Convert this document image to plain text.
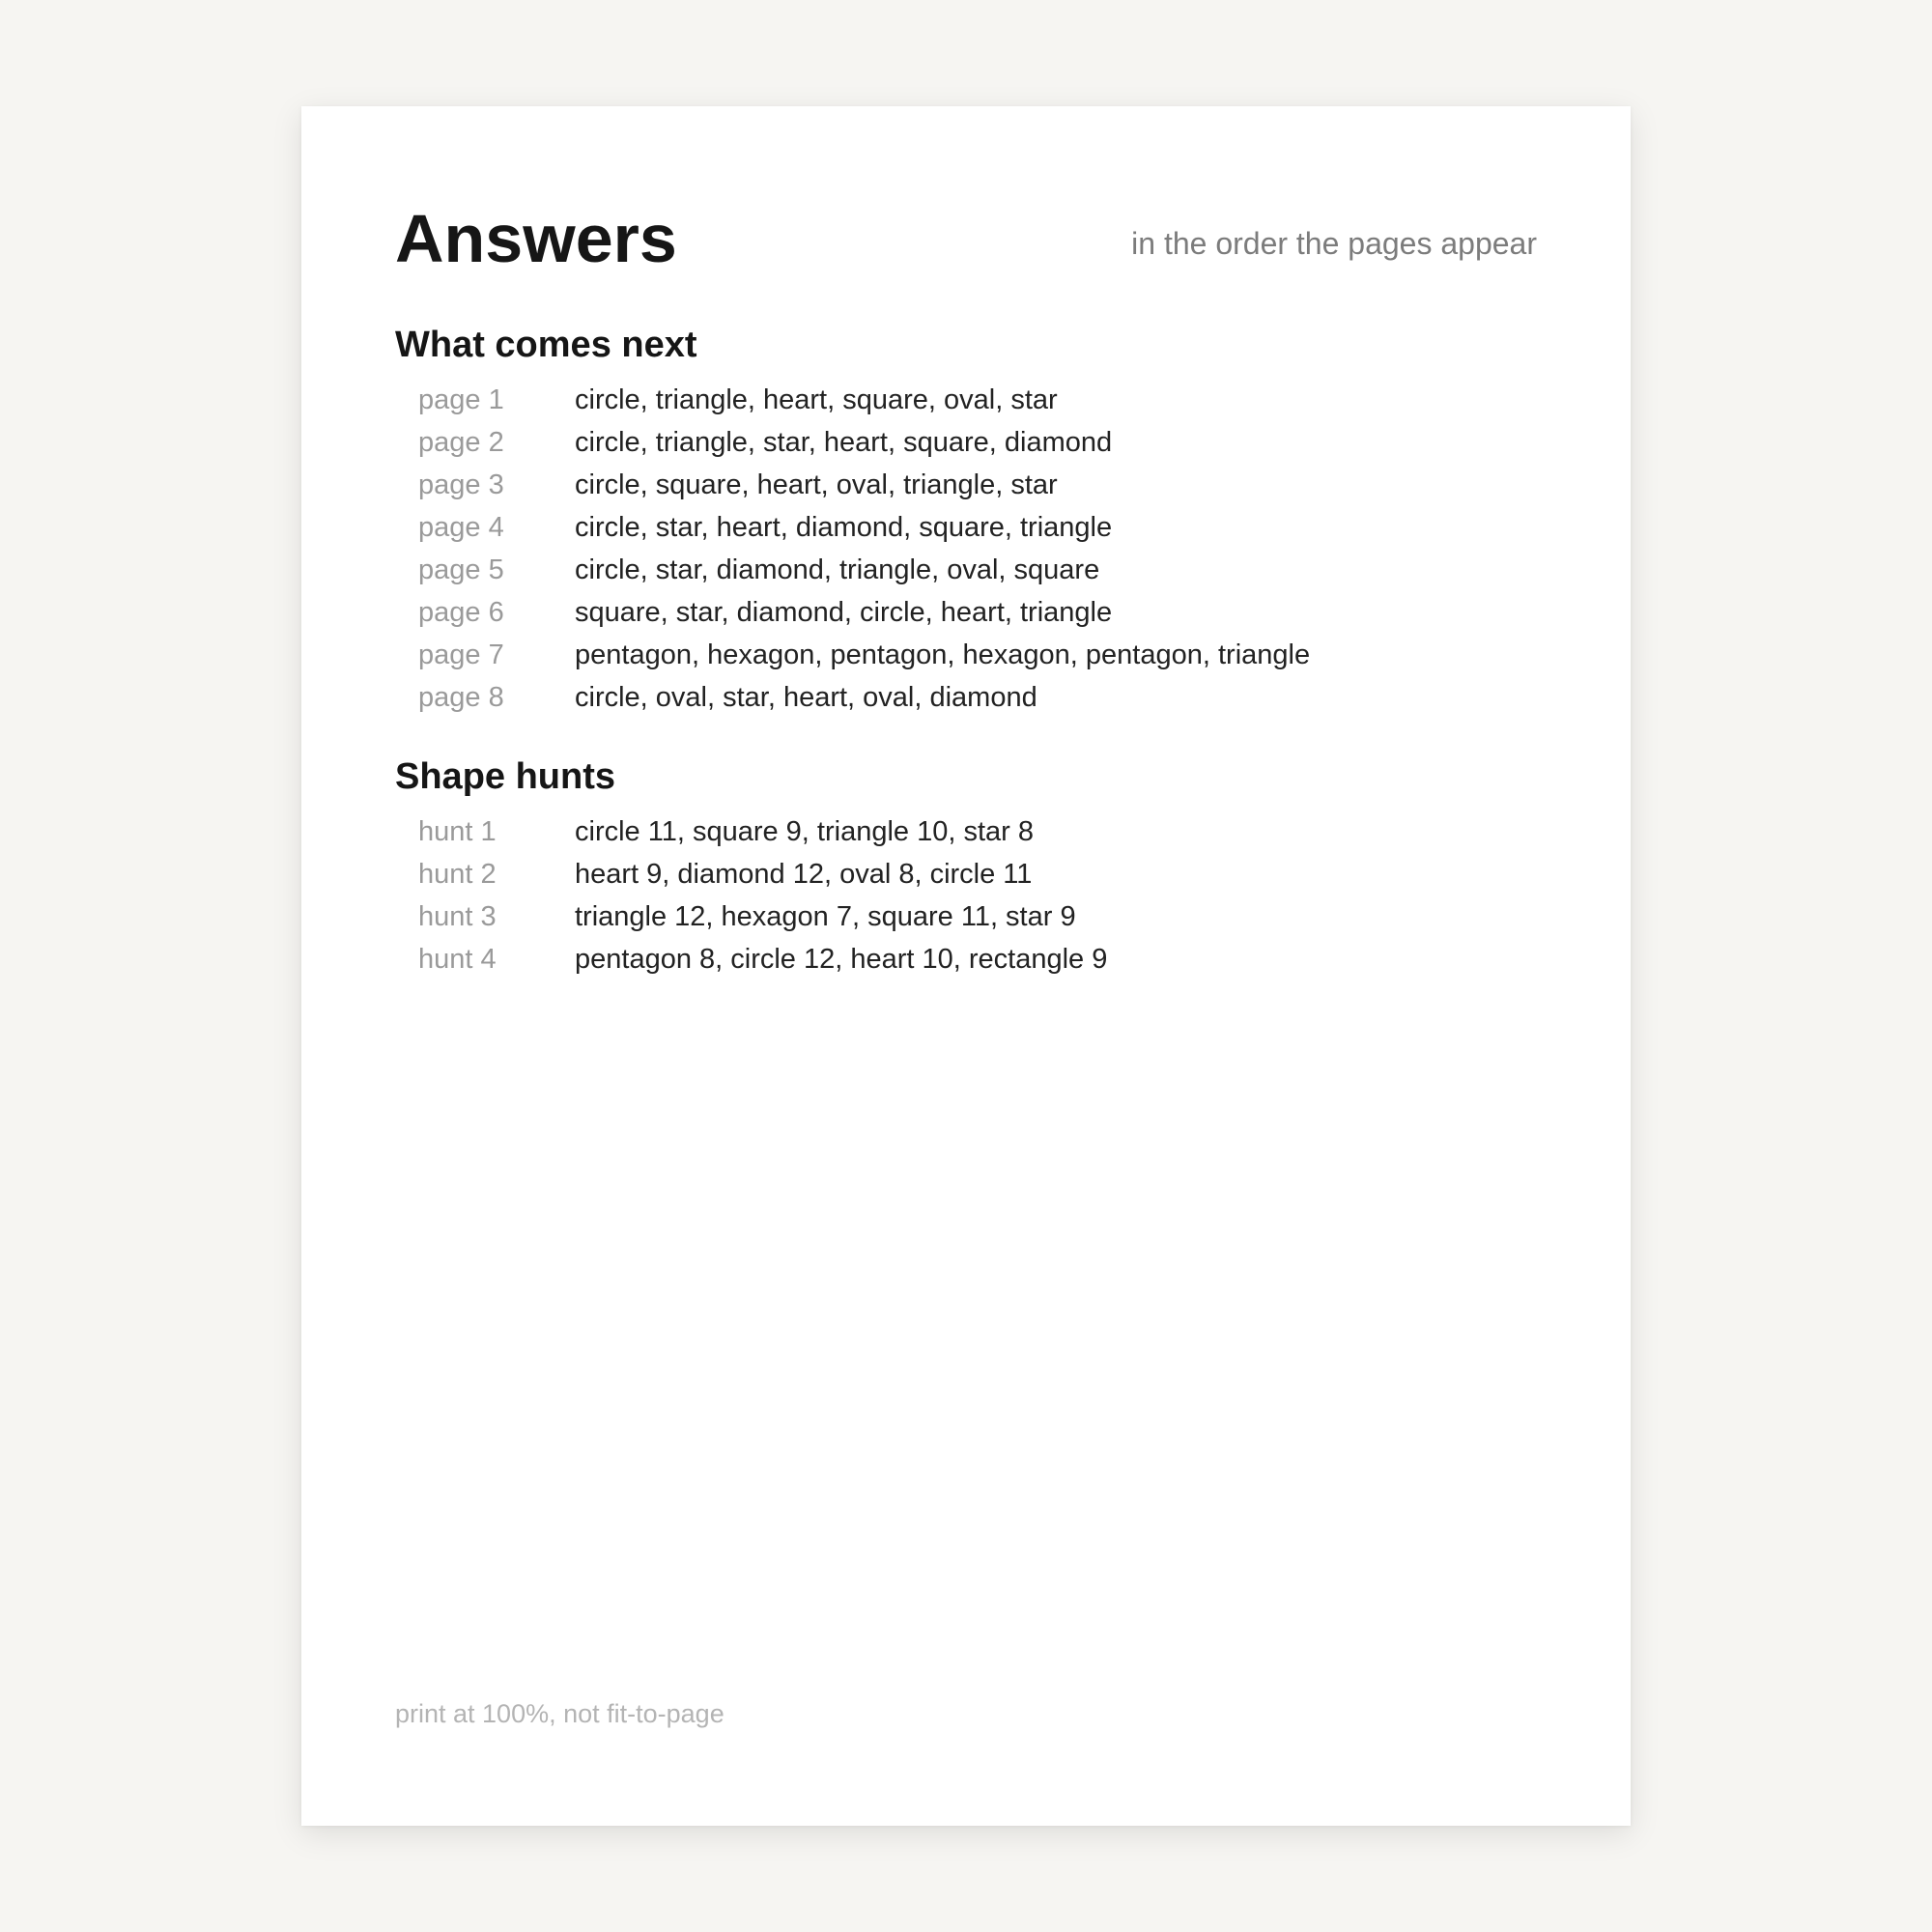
Answers	in the order the pages appear
What comes next
page 1	circle, triangle, heart, square, oval, star
page 2	circle, triangle, star, heart, square, diamond
page 3	circle, square, heart, oval, triangle, star
page 4	circle, star, heart, diamond, square, triangle
page 5	circle, star, diamond, triangle, oval, square
page 6	square, star, diamond, circle, heart, triangle
page 7	pentagon, hexagon, pentagon, hexagon, pentagon, triangle
page 8	circle, oval, star, heart, oval, diamond
Shape hunts
hunt 1	circle 11, square 9, triangle 10, star 8
hunt 2	heart 9, diamond 12, oval 8, circle 11
hunt 3	triangle 12, hexagon 7, square 11, star 9
hunt 4	pentagon 8, circle 12, heart 10, rectangle 9
print at 100%, not fit-to-page
